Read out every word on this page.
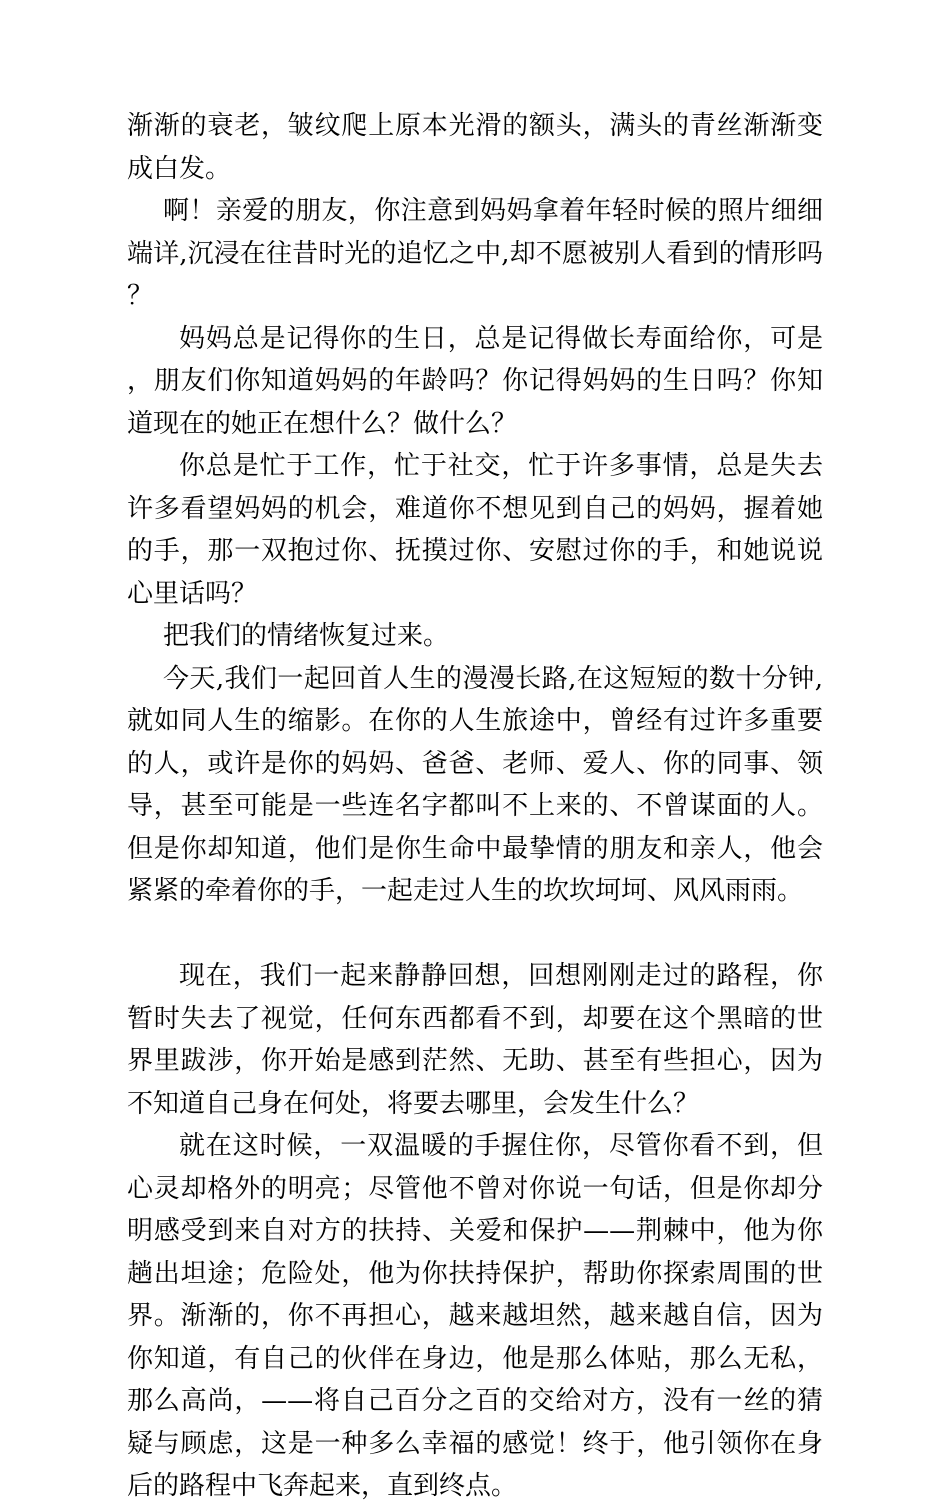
渐渐的衰老，皱纹爬上原本光滑的额头，满头的青丝渐渐变成白发。

啊！亲爱的朋友，你注意到妈妈拿着年轻时候的照片细细端详,沉浸在往昔时光的追忆之中,却不愿被别人看到的情形吗？

妈妈总是记得你的生日，总是记得做长寿面给你，可是，朋友们你知道妈妈的年龄吗？你记得妈妈的生日吗？你知道现在的她正在想什么？做什么？

你总是忙于工作，忙于社交，忙于许多事情，总是失去许多看望妈妈的机会，难道你不想见到自己的妈妈，握着她的手，那一双抱过你、抚摸过你、安慰过你的手，和她说说心里话吗？

把我们的情绪恢复过来。

今天,我们一起回首人生的漫漫长路,在这短短的数十分钟,就如同人生的缩影。在你的人生旅途中，曾经有过许多重要的人，或许是你的妈妈、爸爸、老师、爱人、你的同事、领导，甚至可能是一些连名字都叫不上来的、不曾谋面的人。但是你却知道，他们是你生命中最挚情的朋友和亲人，他会紧紧的牵着你的手，一起走过人生的坎坎坷坷、风风雨雨。

现在，我们一起来静静回想，回想刚刚走过的路程，你暂时失去了视觉，任何东西都看不到，却要在这个黑暗的世界里跋涉，你开始是感到茫然、无助、甚至有些担心，因为不知道自己身在何处，将要去哪里，会发生什么？

就在这时候，一双温暖的手握住你，尽管你看不到，但心灵却格外的明亮；尽管他不曾对你说一句话，但是你却分明感受到来自对方的扶持、关爱和保护——荆棘中，他为你趟出坦途；危险处，他为你扶持保护，帮助你探索周围的世界。渐渐的，你不再担心，越来越坦然，越来越自信，因为你知道，有自己的伙伴在身边，他是那么体贴，那么无私，那么高尚，——将自己百分之百的交给对方，没有一丝的猜疑与顾虑，这是一种多么幸福的感觉！终于，他引领你在身后的路程中飞奔起来，直到终点。
